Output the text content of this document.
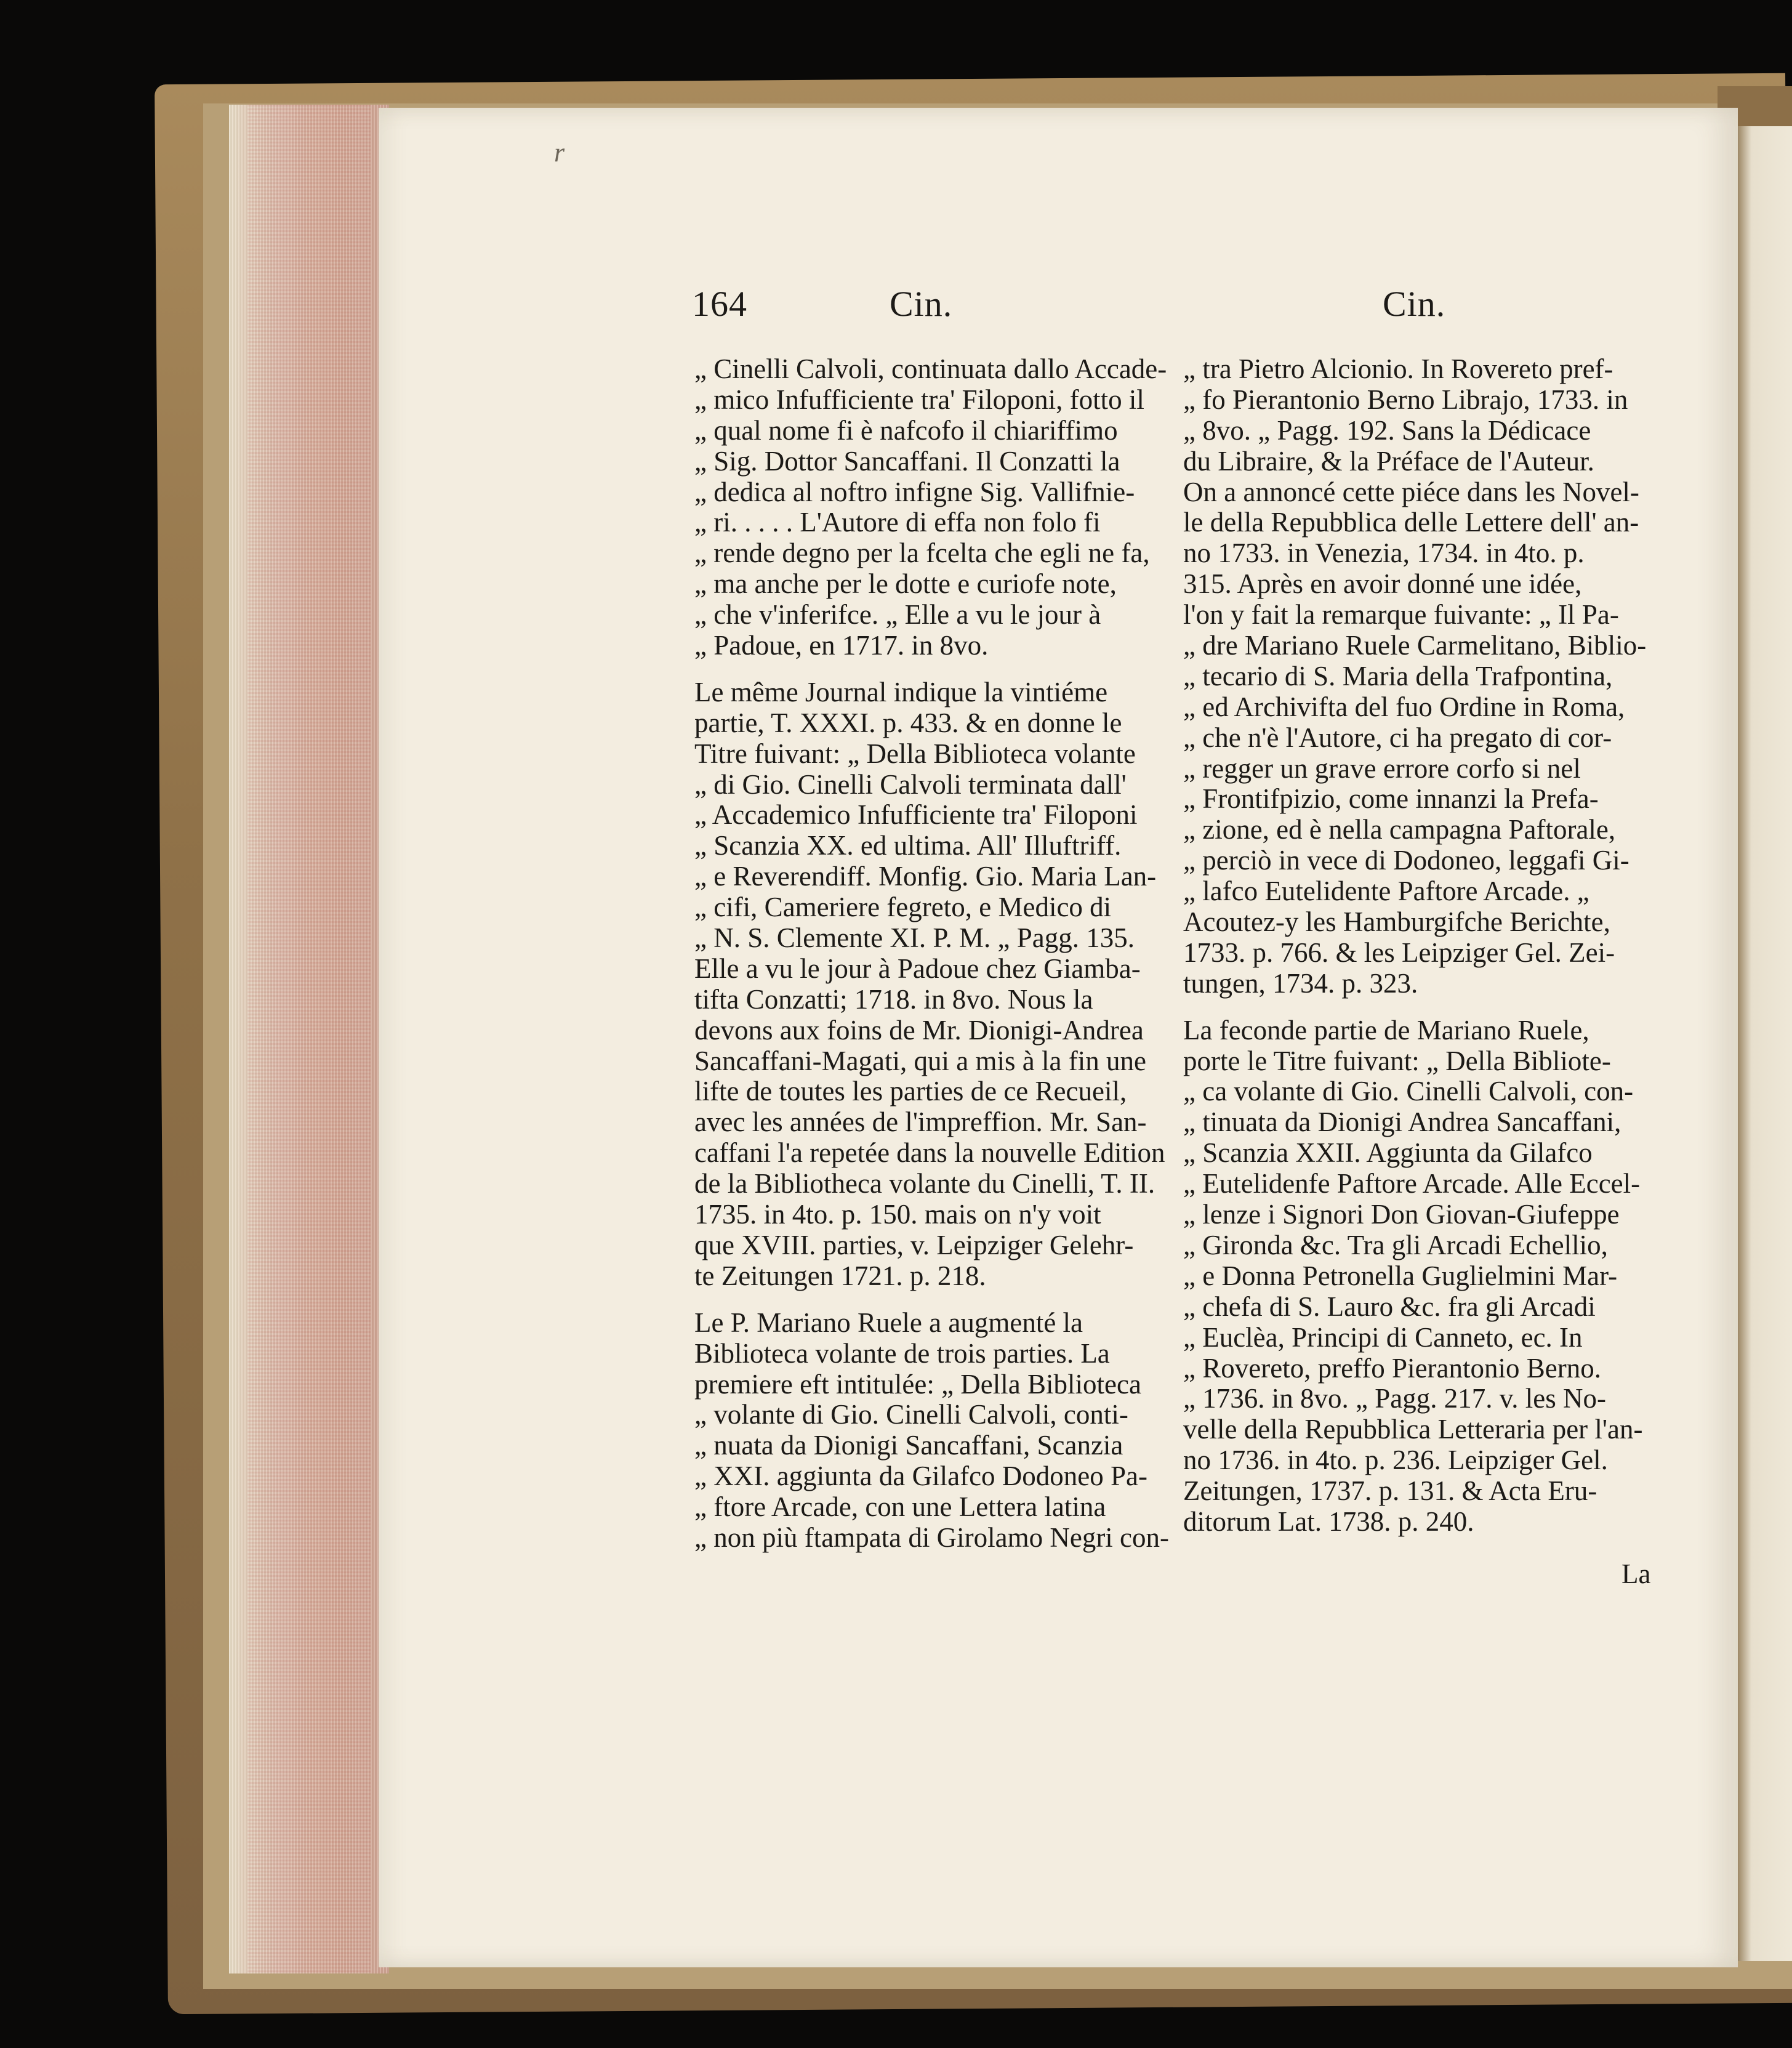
r
164	Cin.	Cin.
„ Cinelli Calvoli, continuata dallo Accade-
„ mico Infufficiente tra' Filoponi, fotto il
„ qual nome fi è nafcofo il chiariffimo
„ Sig. Dottor Sancaffani. Il Conzatti la
„ dedica al noftro infigne Sig. Vallifnie-
„ ri. . . . . L'Autore di effa non folo fi
„ rende degno per la fcelta che egli ne fa,
„ ma anche per le dotte e curiofe note,
„ che v'inferifce. „ Elle a vu le jour à
„ Padoue, en 1717. in 8vo.
Le même Journal indique la vintiéme
partie, T. XXXI. p. 433. & en donne le
Titre fuivant: „ Della Biblioteca volante
„ di Gio. Cinelli Calvoli terminata dall'
„ Accademico Infufficiente tra' Filoponi
„ Scanzia XX. ed ultima. All' Illuftriff.
„ e Reverendiff. Monfig. Gio. Maria Lan-
„ cifi, Cameriere fegreto, e Medico di
„ N. S. Clemente XI. P. M. „ Pagg. 135.
Elle a vu le jour à Padoue chez Giamba-
tifta Conzatti; 1718. in 8vo. Nous la
devons aux foins de Mr. Dionigi-Andrea
Sancaffani-Magati, qui a mis à la fin une
lifte de toutes les parties de ce Recueil,
avec les années de l'impreffion. Mr. San-
caffani l'a repetée dans la nouvelle Edition
de la Bibliotheca volante du Cinelli, T. II.
1735. in 4to. p. 150. mais on n'y voit
que XVIII. parties, v. Leipziger Gelehr-
te Zeitungen 1721. p. 218.
Le P. Mariano Ruele a augmenté la
Biblioteca volante de trois parties. La
premiere eft intitulée: „ Della Biblioteca
„ volante di Gio. Cinelli Calvoli, conti-
„ nuata da Dionigi Sancaffani, Scanzia
„ XXI. aggiunta da Gilafco Dodoneo Pa-
„ ftore Arcade, con une Lettera latina
„ non più ftampata di Girolamo Negri con-
„ tra Pietro Alcionio. In Rovereto pref-
„ fo Pierantonio Berno Librajo, 1733. in
„ 8vo. „ Pagg. 192. Sans la Dédicace
du Libraire, & la Préface de l'Auteur.
On a annoncé cette piéce dans les Novel-
le della Repubblica delle Lettere dell' an-
no 1733. in Venezia, 1734. in 4to. p.
315. Après en avoir donné une idée,
l'on y fait la remarque fuivante: „ Il Pa-
„ dre Mariano Ruele Carmelitano, Biblio-
„ tecario di S. Maria della Trafpontina,
„ ed Archivifta del fuo Ordine in Roma,
„ che n'è l'Autore, ci ha pregato di cor-
„ regger un grave errore corfo si nel
„ Frontifpizio, come innanzi la Prefa-
„ zione, ed è nella campagna Paftorale,
„ perciò in vece di Dodoneo, leggafi Gi-
„ lafco Eutelidente Paftore Arcade. „
Acoutez-y les Hamburgifche Berichte,
1733. p. 766. & les Leipziger Gel. Zei-
tungen, 1734. p. 323.
La feconde partie de Mariano Ruele,
porte le Titre fuivant: „ Della Bibliote-
„ ca volante di Gio. Cinelli Calvoli, con-
„ tinuata da Dionigi Andrea Sancaffani,
„ Scanzia XXII. Aggiunta da Gilafco
„ Eutelidenfe Paftore Arcade. Alle Eccel-
„ lenze i Signori Don Giovan-Giufeppe
„ Gironda &c. Tra gli Arcadi Echellio,
„ e Donna Petronella Guglielmini Mar-
„ chefa di S. Lauro &c. fra gli Arcadi
„ Euclèa, Principi di Canneto, ec. In
„ Rovereto, preffo Pierantonio Berno.
„ 1736. in 8vo. „ Pagg. 217. v. les No-
velle della Repubblica Letteraria per l'an-
no 1736. in 4to. p. 236. Leipziger Gel.
Zeitungen, 1737. p. 131. & Acta Eru-
ditorum Lat. 1738. p. 240.
La
